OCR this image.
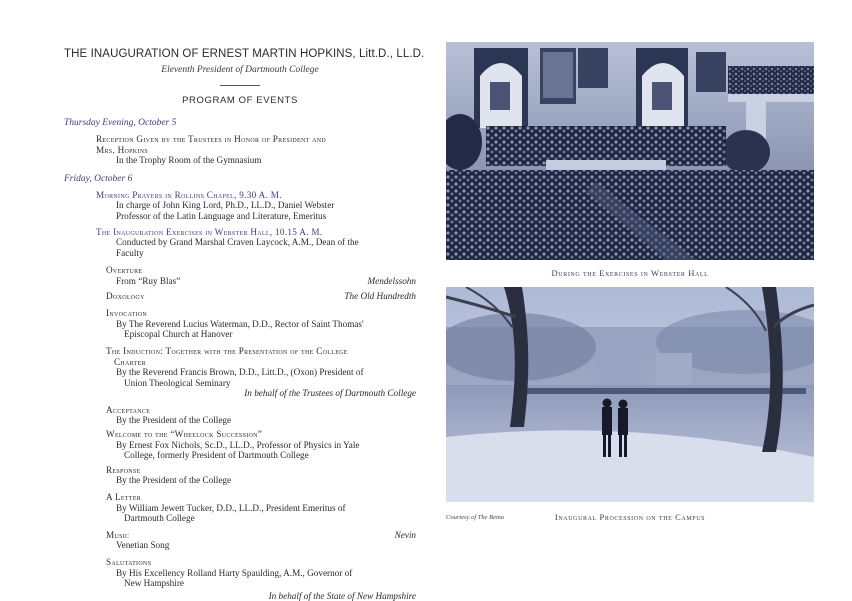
THE INAUGURATION OF ERNEST MARTIN HOPKINS, Litt.D., LL.D.
Eleventh President of Dartmouth College
PROGRAM OF EVENTS
Thursday Evening, October 5
Reception Given by the Trustees in Honor of President and
Mrs. Hopkins
In the Trophy Room of the Gymnasium
Friday, October 6
Morning Prayers in Rollins Chapel, 9.30 A. M.
In charge of John King Lord, Ph.D., LL.D., Daniel Webster
Professor of the Latin Language and Literature, Emeritus
The Inauguration Exercises in Webster Hall, 10.15 A. M.
Conducted by Grand Marshal Craven Laycock, A.M., Dean of the
Faculty
Overture
From “Ruy Blas”	Mendelssohn
Doxology	The Old Hundredth
Invocation
By The Reverend Lucius Waterman, D.D., Rector of Saint Thomas'
Episcopal Church at Hanover
The Induction: Together with the Presentation of the College
Charter
By the Reverend Francis Brown, D.D., Litt.D., (Oxon) President of
Union Theological Seminary
In behalf of the Trustees of Dartmouth College
Acceptance
By the President of the College
Welcome to the “Wheelock Succession”
By Ernest Fox Nichols, Sc.D., LL.D., Professor of Physics in Yale
College, formerly President of Dartmouth College
Response
By the President of the College
A Letter
By William Jewett Tucker, D.D., LL.D., President Emeritus of
Dartmouth College
Music	Nevin
Venetian Song
Salutations
By His Excellency Rolland Harty Spaulding, A.M., Governor of
New Hampshire
In behalf of the State of New Hampshire
During the Exercises in Webster Hall
Courtesy of The Bema	Inaugural Procession on the Campus
